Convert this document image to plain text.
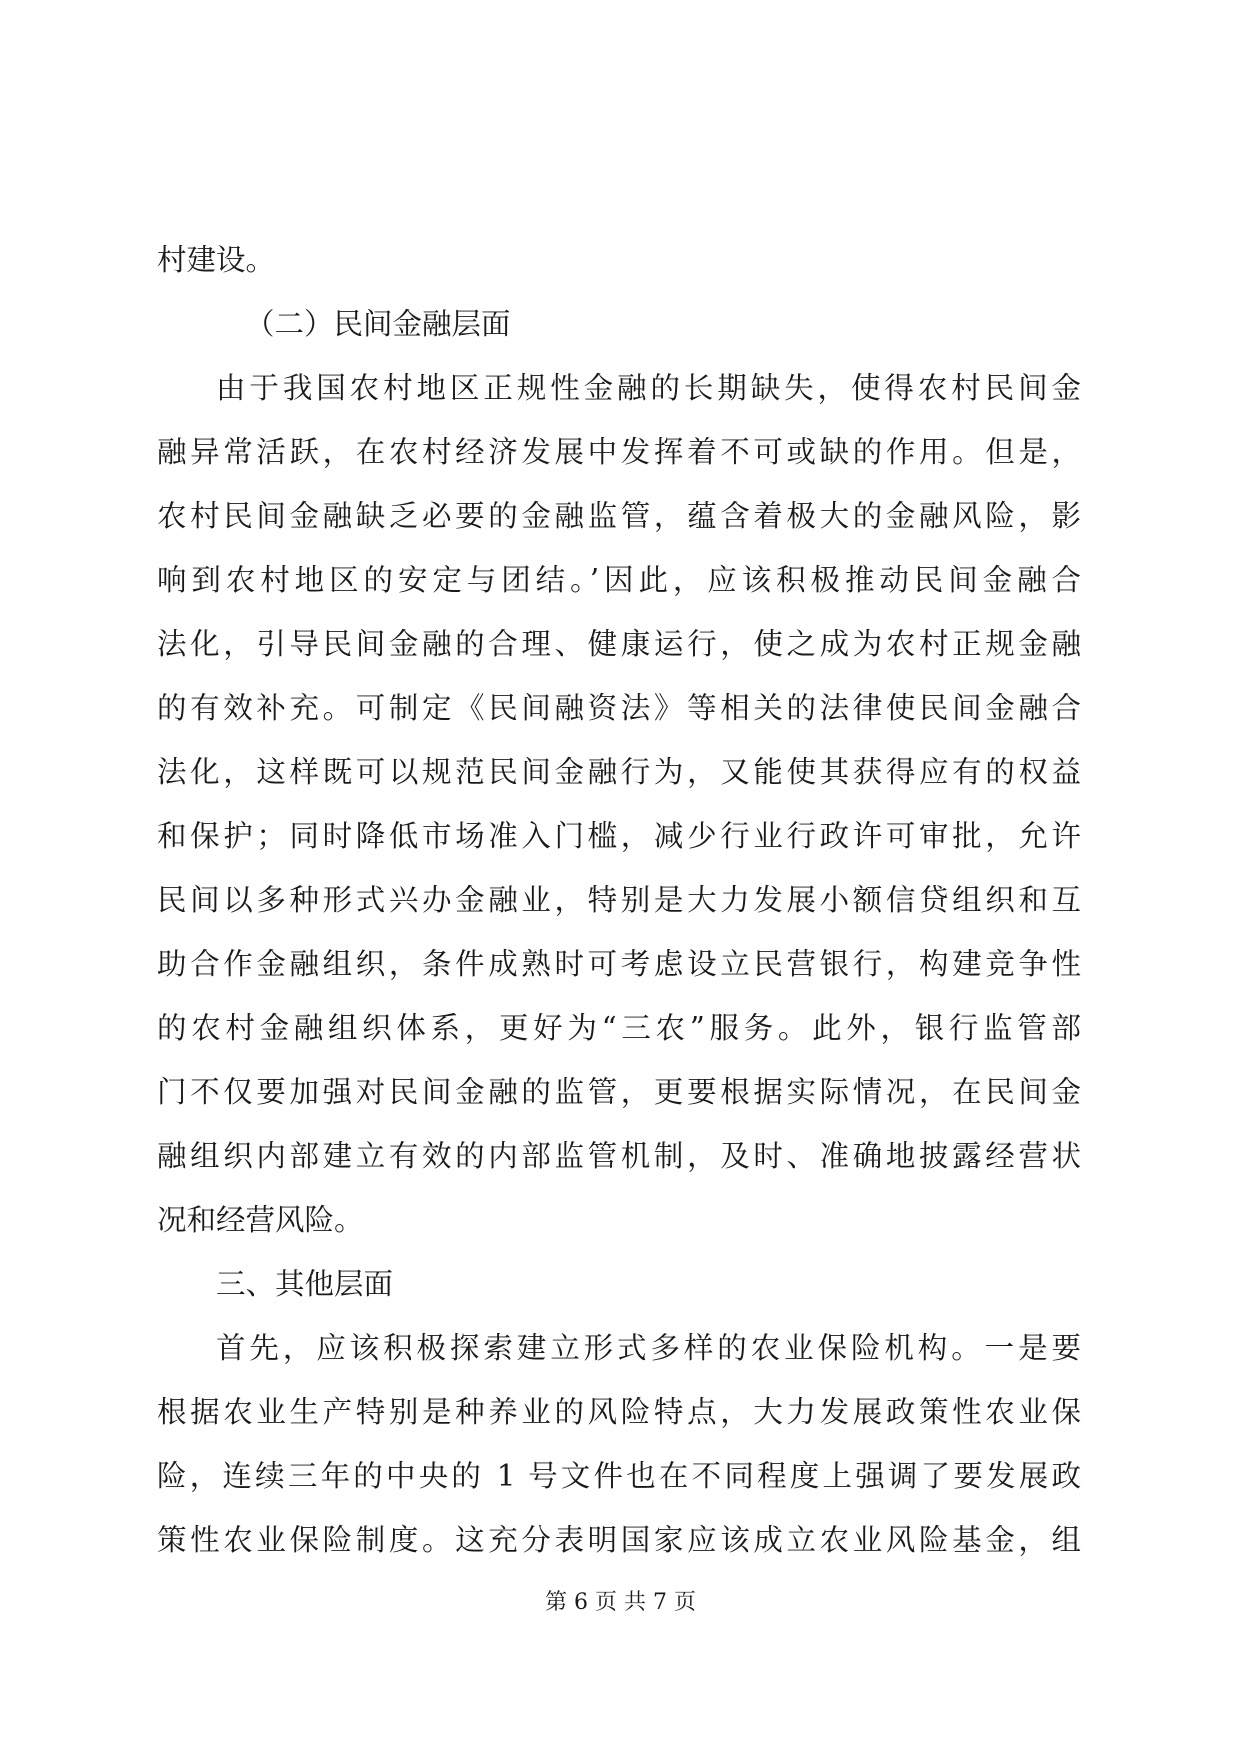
村建设。
（二）民间金融层面
由于我国农村地区正规性金融的长期缺失，使得农村民间金
融异常活跃，在农村经济发展中发挥着不可或缺的作用。但是，
农村民间金融缺乏必要的金融监管，蕴含着极大的金融风险，影
响到农村地区的安定与团结。’因此，应该积极推动民间金融合
法化，引导民间金融的合理、健康运行，使之成为农村正规金融
的有效补充。可制定《民间融资法》等相关的法律使民间金融合
法化，这样既可以规范民间金融行为，又能使其获得应有的权益
和保护；同时降低市场准入门槛，减少行业行政许可审批，允许
民间以多种形式兴办金融业，特别是大力发展小额信贷组织和互
助合作金融组织，条件成熟时可考虑设立民营银行，构建竞争性
的农村金融组织体系，更好为“三农”服务。此外，银行监管部
门不仅要加强对民间金融的监管，更要根据实际情况，在民间金
融组织内部建立有效的内部监管机制，及时、准确地披露经营状
况和经营风险。
三、其他层面
首先，应该积极探索建立形式多样的农业保险机构。一是要
根据农业生产特别是种养业的风险特点，大力发展政策性农业保
险，连续三年的中央的 1 号文件也在不同程度上强调了要发展政
策性农业保险制度。这充分表明国家应该成立农业风险基金，组
第 6 页 共 7 页
